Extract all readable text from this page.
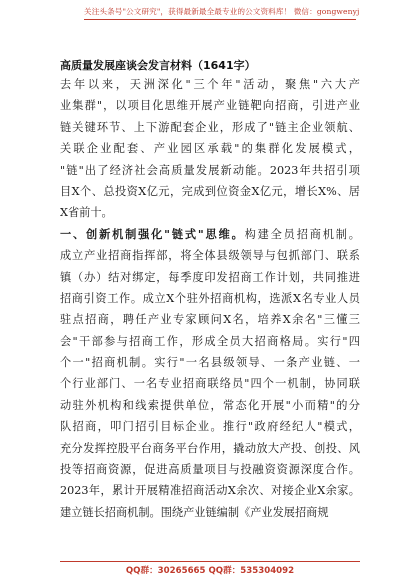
关注头条号"公文研究"，获得最新最全最专业的公文资料库！ 微信：gongwenyj
高质量发展座谈会发言材料（1641字）
去年以来，天洲深化"三个年"活动，聚焦"六大产
业集群"，以项目化思维开展产业链靶向招商，引进产业
链关键环节、上下游配套企业，形成了"链主企业领航、
关联企业配套、产业园区承载"的集群化发展模式，
"链"出了经济社会高质量发展新动能。2023年共招引项
目X个、总投资X亿元，完成到位资金X亿元，增长X%、居
X省前十。
一、创新机制强化"链式"思维。构建全员招商机制。
成立产业招商指挥部，将全体县级领导与包抓部门、联系
镇（办）结对绑定，每季度印发招商工作计划，共同推进
招商引资工作。成立X个驻外招商机构，选派X名专业人员
驻点招商，聘任产业专家顾问X名，培养X余名"三懂三
会"干部参与招商工作，形成全员大招商格局。实行"四
个一"招商机制。实行"一名县级领导、一条产业链、一
个行业部门、一名专业招商联络员"四个一机制，协同联
动驻外机构和线索提供单位，常态化开展"小而精"的分
队招商，叩门招引目标企业。推行"政府经纪人"模式，
充分发挥控股平台商务平台作用，撬动放大产投、创投、风
投等招商资源，促进高质量项目与投融资资源深度合作。
2023年，累计开展精准招商活动X余次、对接企业X余家。
建立链长招商机制。围绕产业链编制《产业发展招商规
QQ群：30265665 QQ群：535304092
